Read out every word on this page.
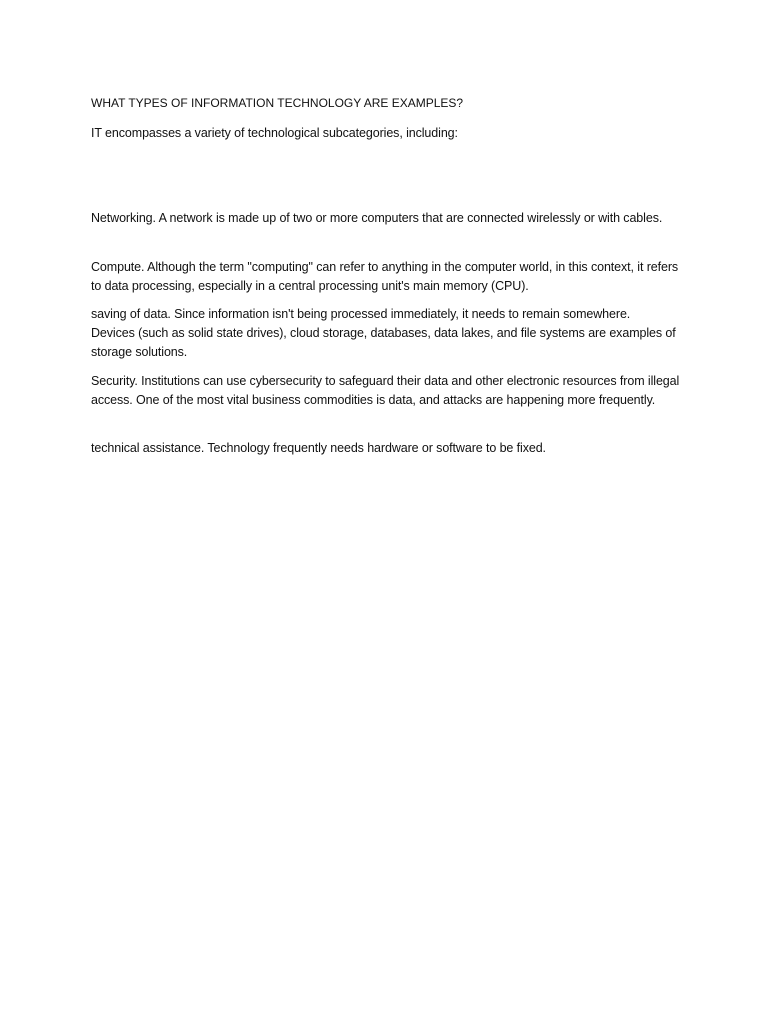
WHAT TYPES OF INFORMATION TECHNOLOGY ARE EXAMPLES?
IT encompasses a variety of technological subcategories, including:
Networking. A network is made up of two or more computers that are connected wirelessly or with cables.
Compute. Although the term "computing" can refer to anything in the computer world, in this context, it refers to data processing, especially in a central processing unit's main memory (CPU).
saving of data. Since information isn't being processed immediately, it needs to remain somewhere. Devices (such as solid state drives), cloud storage, databases, data lakes, and file systems are examples of storage solutions.
Security. Institutions can use cybersecurity to safeguard their data and other electronic resources from illegal access. One of the most vital business commodities is data, and attacks are happening more frequently.
technical assistance. Technology frequently needs hardware or software to be fixed.
